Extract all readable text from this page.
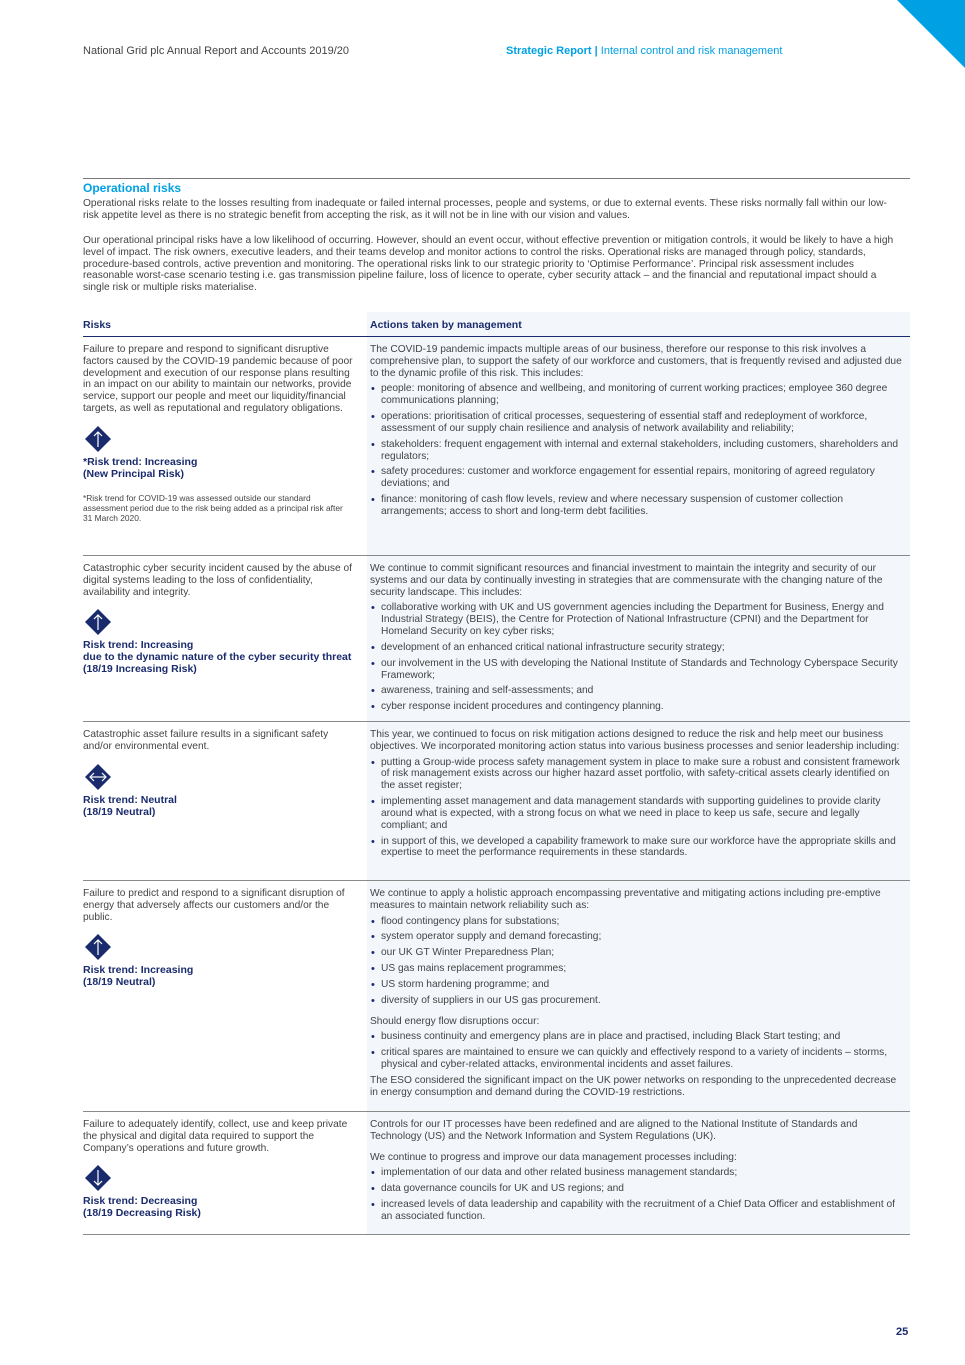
National Grid plc Annual Report and Accounts 2019/20	Strategic Report | Internal control and risk management
Operational risks
Operational risks relate to the losses resulting from inadequate or failed internal processes, people and systems, or due to external events. These risks normally fall within our low-risk appetite level as there is no strategic benefit from accepting the risk, as it will not be in line with our vision and values.
Our operational principal risks have a low likelihood of occurring. However, should an event occur, without effective prevention or mitigation controls, it would be likely to have a high level of impact. The risk owners, executive leaders, and their teams develop and monitor actions to control the risks. Operational risks are managed through policy, standards, procedure-based controls, active prevention and monitoring. The operational risks link to our strategic priority to ‘Optimise Performance’. Principal risk assessment includes reasonable worst-case scenario testing i.e. gas transmission pipeline failure, loss of licence to operate, cyber security attack – and the financial and reputational impact should a single risk or multiple risks materialise.
Risks	Actions taken by management
Failure to prepare and respond to significant disruptive factors caused by the COVID-19 pandemic because of poor development and execution of our response plans resulting in an impact on our ability to maintain our networks, provide service, support our people and meet our liquidity/financial targets, as well as reputational and regulatory obligations.
*Risk trend: Increasing
(New Principal Risk)
*Risk trend for COVID-19 was assessed outside our standard assessment period due to the risk being added as a principal risk after 31 March 2020.

The COVID-19 pandemic impacts multiple areas of our business, therefore our response to this risk involves a comprehensive plan, to support the safety of our workforce and customers, that is frequently revised and adjusted due to the dynamic profile of this risk. This includes:

• people: monitoring of absence and wellbeing, and monitoring of current working practices; employee 360 degree communications planning;
• operations: prioritisation of critical processes, sequestering of essential staff and redeployment of workforce, assessment of our supply chain resilience and analysis of network availability and reliability;
• stakeholders: frequent engagement with internal and external stakeholders, including customers, shareholders and regulators;
• safety procedures: customer and workforce engagement for essential repairs, monitoring of agreed regulatory deviations; and
• finance: monitoring of cash flow levels, review and where necessary suspension of customer collection arrangements; access to short and long-term debt facilities.
Catastrophic cyber security incident caused by the abuse of digital systems leading to the loss of confidentiality, availability and integrity.
Risk trend: Increasing
due to the dynamic nature of the cyber security threat
(18/19 Increasing Risk)

We continue to commit significant resources and financial investment to maintain the integrity and security of our systems and our data by continually investing in strategies that are commensurate with the changing nature of the security landscape. This includes:

• collaborative working with UK and US government agencies including the Department for Business, Energy and Industrial Strategy (BEIS), the Centre for Protection of National Infrastructure (CPNI) and the Department for Homeland Security on key cyber risks;
• development of an enhanced critical national infrastructure security strategy;
• our involvement in the US with developing the National Institute of Standards and Technology Cyberspace Security Framework;
• awareness, training and self-assessments; and
• cyber response incident procedures and contingency planning.
Catastrophic asset failure results in a significant safety and/or environmental event.
Risk trend: Neutral
(18/19 Neutral)

This year, we continued to focus on risk mitigation actions designed to reduce the risk and help meet our business objectives. We incorporated monitoring action status into various business processes and senior leadership including:

• putting a Group-wide process safety management system in place to make sure a robust and consistent framework of risk management exists across our higher hazard asset portfolio, with safety-critical assets clearly identified on the asset register;
• implementing asset management and data management standards with supporting guidelines to provide clarity around what is expected, with a strong focus on what we need in place to keep us safe, secure and legally compliant; and
• in support of this, we developed a capability framework to make sure our workforce have the appropriate skills and expertise to meet the performance requirements in these standards.
Failure to predict and respond to a significant disruption of energy that adversely affects our customers and/or the public.
Risk trend: Increasing
(18/19 Neutral)

We continue to apply a holistic approach encompassing preventative and mitigating actions including pre-emptive measures to maintain network reliability such as:

• flood contingency plans for substations;
• system operator supply and demand forecasting;
• our UK GT Winter Preparedness Plan;
• US gas mains replacement programmes;
• US storm hardening programme; and
• diversity of suppliers in our US gas procurement.

Should energy flow disruptions occur:

• business continuity and emergency plans are in place and practised, including Black Start testing; and
• critical spares are maintained to ensure we can quickly and effectively respond to a variety of incidents – storms, physical and cyber-related attacks, environmental incidents and asset failures.

The ESO considered the significant impact on the UK power networks on responding to the unprecedented decrease in energy consumption and demand during the COVID-19 restrictions.

Failure to adequately identify, collect, use and keep private the physical and digital data required to support the Company’s operations and future growth.
Risk trend: Decreasing
(18/19 Decreasing Risk)

Controls for our IT processes have been redefined and are aligned to the National Institute of Standards and Technology (US) and the Network Information and System Regulations (UK).

We continue to progress and improve our data management processes including:

• implementation of our data and other related business management standards;
• data governance councils for UK and US regions; and
• increased levels of data leadership and capability with the recruitment of a Chief Data Officer and establishment of an associated function.
25
